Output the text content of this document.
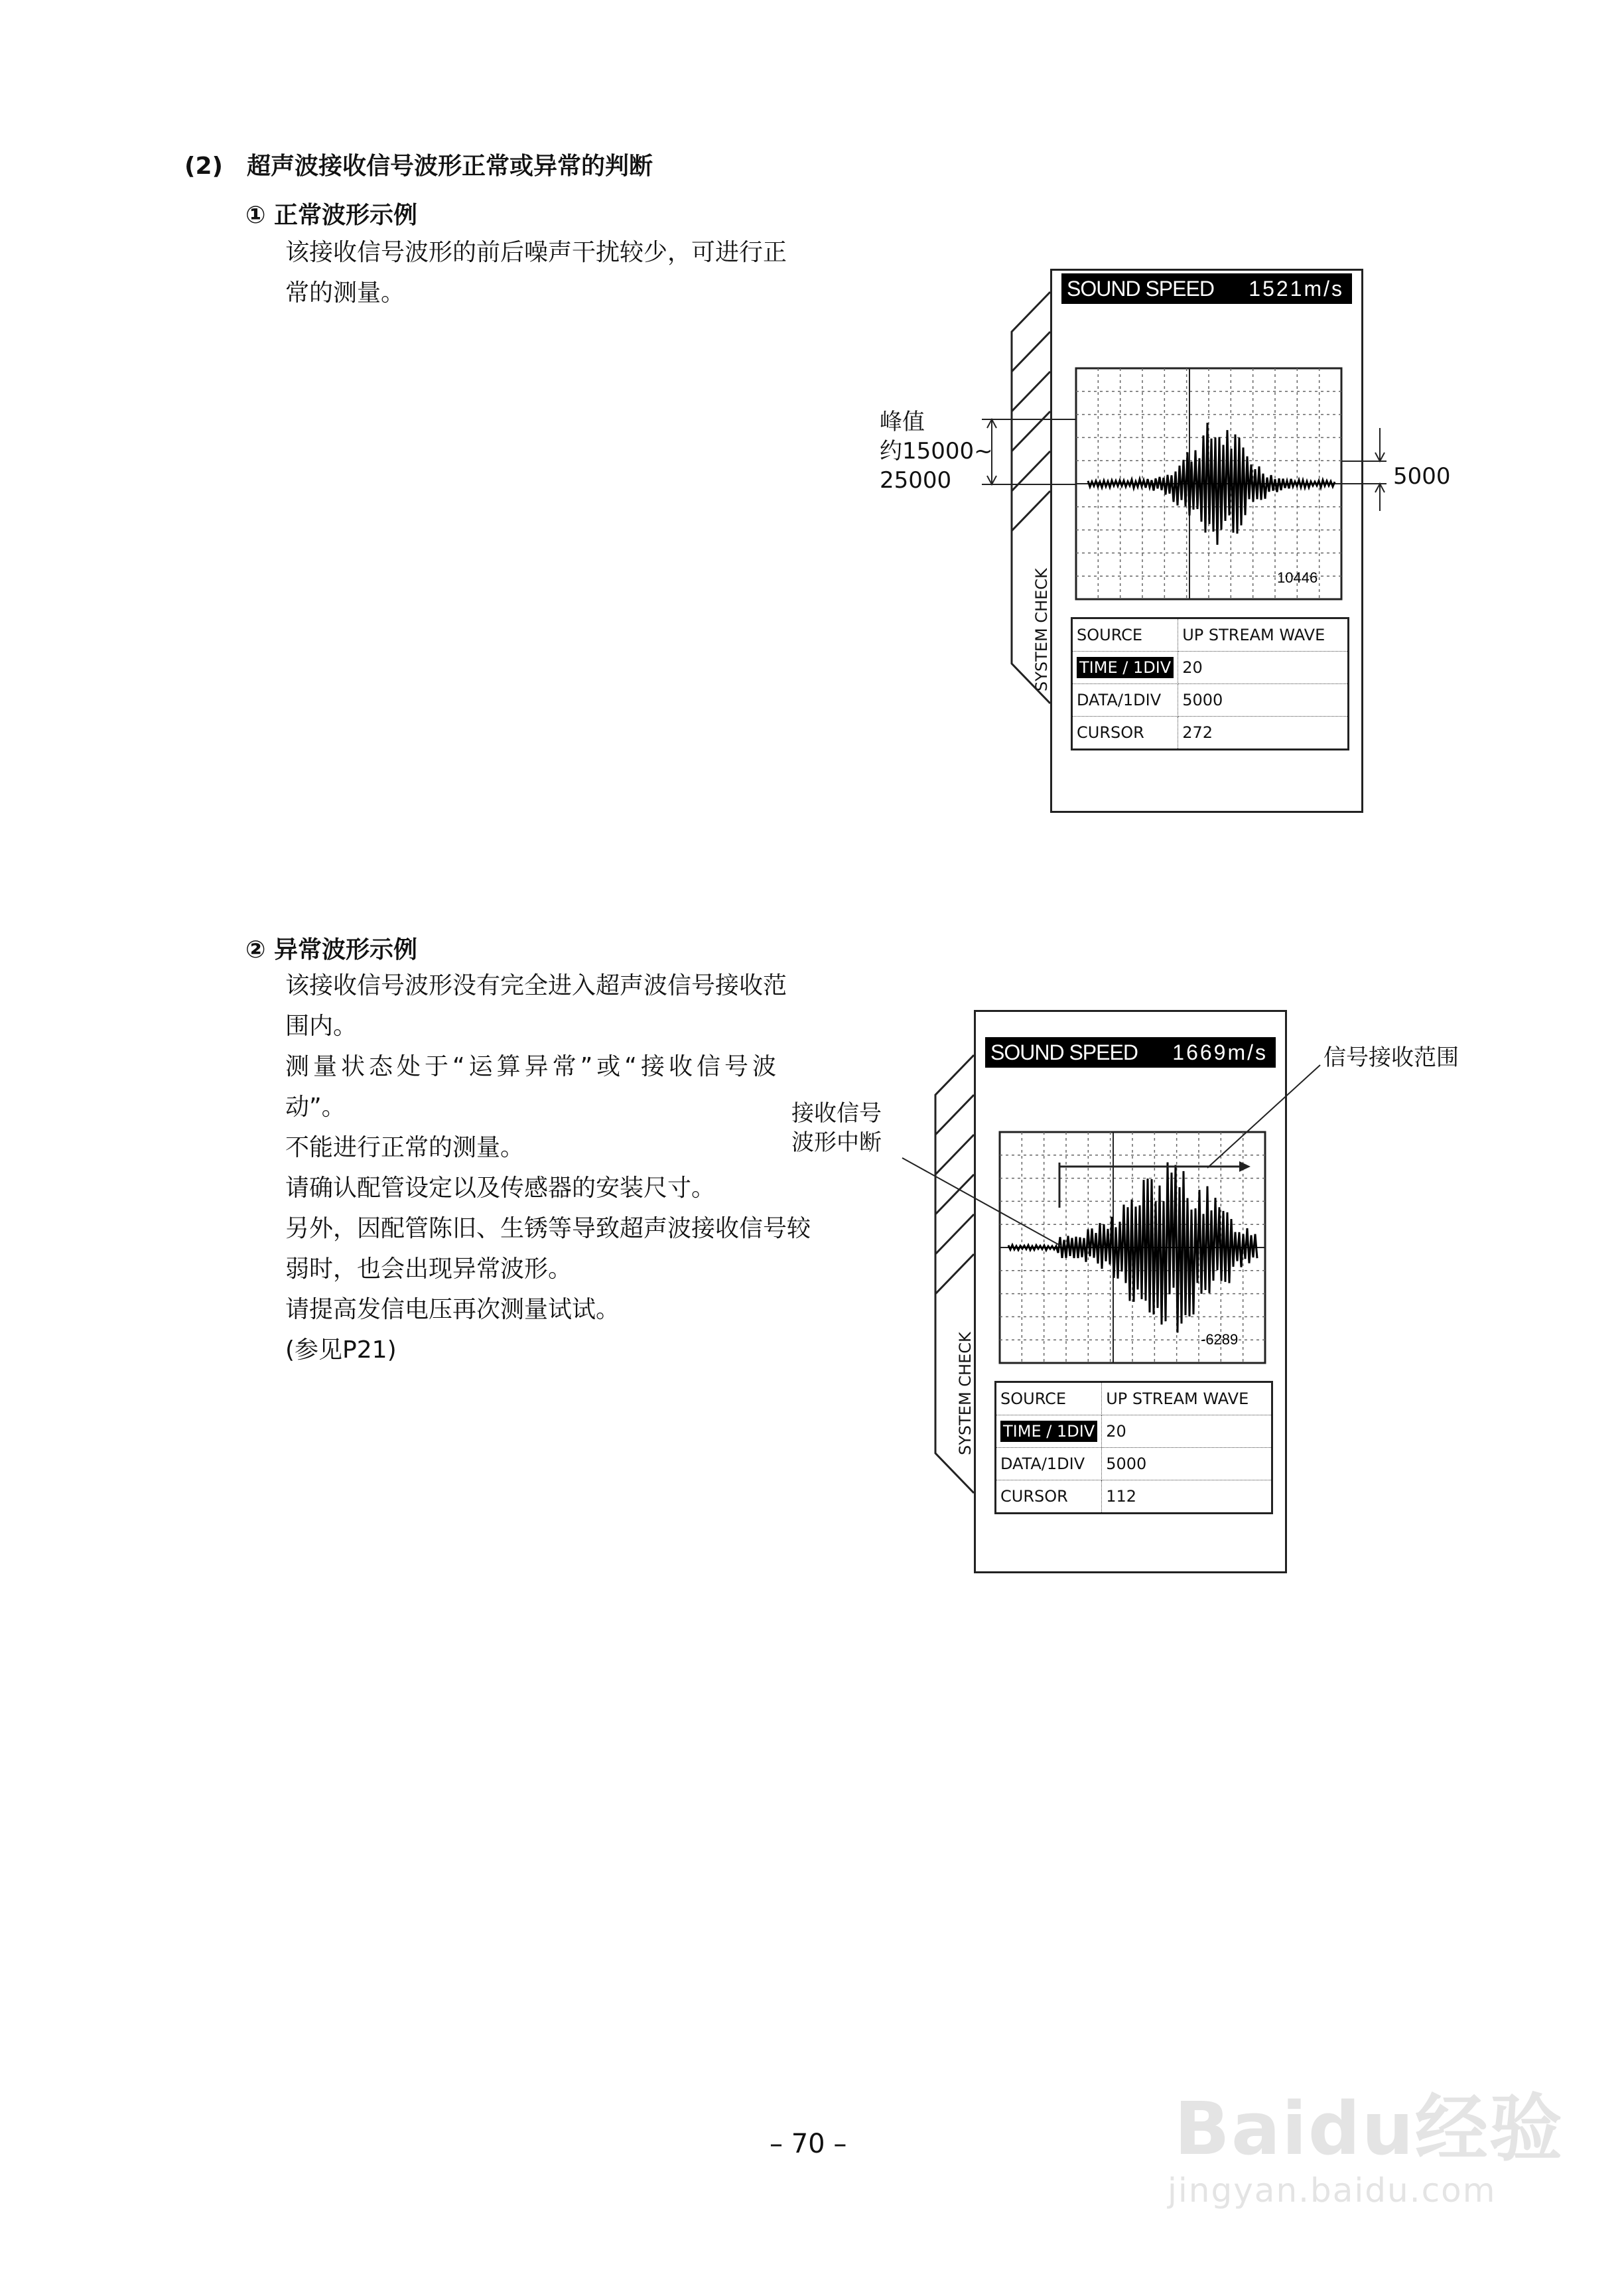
(2)　超声波接收信号波形正常或异常的判断
① 正常波形示例
该接收信号波形的前后噪声干扰较少，可进行正
常的测量。
峰值
约15000~
25000	5000
SOUND SPEED 1521m/s
SYSTEM CHECK SOURCE	UP STREAM WAVE
TIME / 1DIV	20
DATA/1DIV	5000
CURSOR	272
10446
② 异常波形示例
该接收信号波形没有完全进入超声波信号接收范
围内。
测量状态处于“运算异常”或“接收信号波
动”。
不能进行正常的测量。
请确认配管设定以及传感器的安装尺寸。
另外，因配管陈旧、生锈等导致超声波接收信号较
弱时，也会出现异常波形。
请提高发信电压再次测量试试。
(参见P21)
信号接收范围
接收信号
波形中断
SOUND SPEED 1669m/s
SYSTEM CHECK SOURCE	UP STREAM WAVE
TIME / 1DIV	20
DATA/1DIV	5000
CURSOR	112
-6289
– 70 –	Baidu经验
jingyan.baidu.com
